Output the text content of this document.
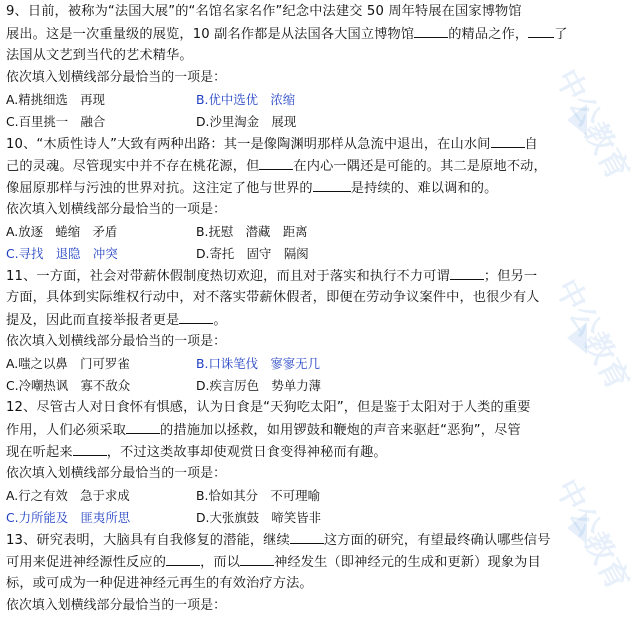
中公教育
中公教育
中公教育
9、日前，被称为“法国大展”的“名馆名家名作”纪念中法建交 50 周年特展在国家博物馆
展出。这是一次重量级的展览，10 副名作都是从法国各大国立博物馆	的精品之作， 了
法国从文艺到当代的艺术精华。
依次填入划横线部分最恰当的一项是：
A.精挑细选　再现	B.优中选优　浓缩
C.百里挑一　融合	D.沙里淘金　展现
10、“木质性诗人”大致有两种出路：其一是像陶渊明那样从急流中退出，在山水间	自
己的灵魂。尽管现实中并不存在桃花源，但	在内心一隅还是可能的。其二是原地不动，
像屈原那样与污浊的世界对抗。这注定了他与世界的	是持续的、难以调和的。
依次填入划横线部分最恰当的一项是：
A.放逐　蜷缩　矛盾	B.抚慰　潜藏　距离
C.寻找　退隐　冲突	D.寄托　固守　隔阂
11、一方面，社会对带薪休假制度热切欢迎，而且对于落实和执行不力可谓	；但另一
方面，具体到实际维权行动中，对不落实带薪休假者，即便在劳动争议案件中，也很少有人
提及，因此而直接举报者更是	。
依次填入划横线部分最恰当的一项是：
A.嗤之以鼻　门可罗雀	B.口诛笔伐　寥寥无几
C.冷嘲热讽　寡不敌众	D.疾言厉色　势单力薄
12、尽管古人对日食怀有惧感，认为日食是“天狗吃太阳”，但是鉴于太阳对于人类的重要
作用，人们必须采取	的措施加以拯救，如用锣鼓和鞭炮的声音来驱赶“恶狗”，尽管
现在听起来	，不过这类故事却使观赏日食变得神秘而有趣。
依次填入划横线部分最恰当的一项是：
A.行之有效　急于求成	B.恰如其分　不可理喻
C.力所能及　匪夷所思	D.大张旗鼓　啼笑皆非
13、研究表明，大脑具有自我修复的潜能，继续	这方面的研究，有望最终确认哪些信号
可用来促进神经源性反应的	，而以	神经发生（即神经元的生成和更新）现象为目
标，或可成为一种促进神经元再生的有效治疗方法。
依次填入划横线部分最恰当的一项是：
